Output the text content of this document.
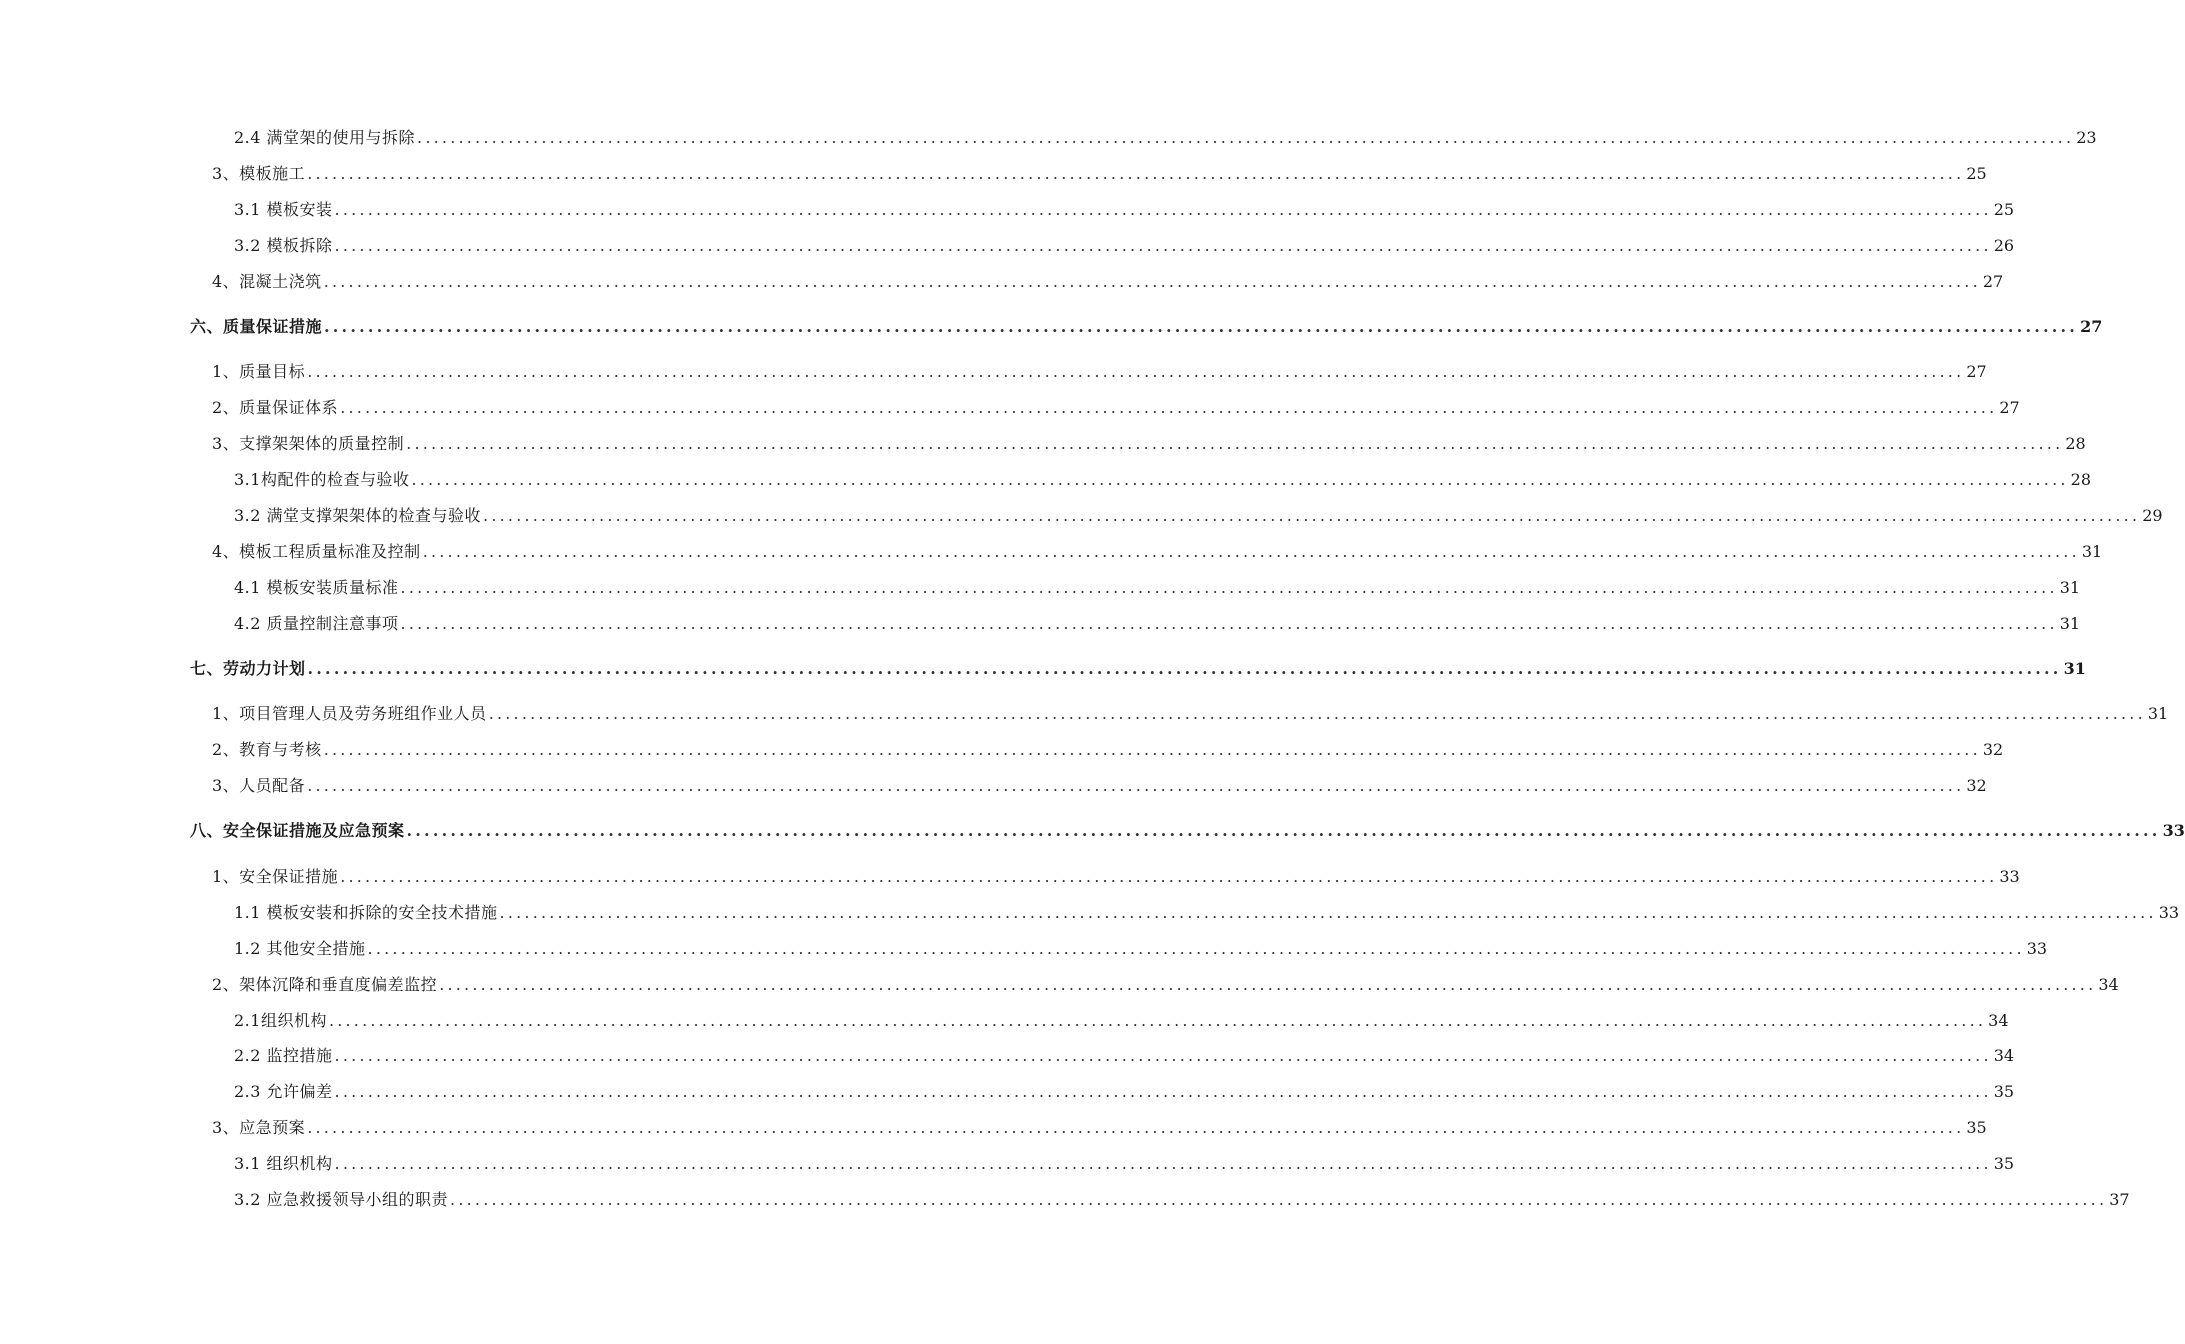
2.4 满堂架的使用与拆除 ........................................................................................................................................................................................................ 23
3、模板施工 ........................................................................................................................................................................................................ 25
3.1 模板安装 ........................................................................................................................................................................................................ 25
3.2 模板拆除 ........................................................................................................................................................................................................ 26
4、混凝土浇筑 ........................................................................................................................................................................................................ 27
六、质量保证措施 ........................................................................................................................................................................................................ 27
1、质量目标 ........................................................................................................................................................................................................ 27
2、质量保证体系 ........................................................................................................................................................................................................ 27
3、支撑架架体的质量控制 ........................................................................................................................................................................................................ 28
3.1构配件的检查与验收 ........................................................................................................................................................................................................ 28
3.2 满堂支撑架架体的检查与验收 ........................................................................................................................................................................................................ 29
4、模板工程质量标准及控制 ........................................................................................................................................................................................................ 31
4.1 模板安装质量标准 ........................................................................................................................................................................................................ 31
4.2 质量控制注意事项 ........................................................................................................................................................................................................ 31
七、劳动力计划 ........................................................................................................................................................................................................ 31
1、项目管理人员及劳务班组作业人员 ........................................................................................................................................................................................................ 31
2、教育与考核 ........................................................................................................................................................................................................ 32
3、人员配备 ........................................................................................................................................................................................................ 32
八、安全保证措施及应急预案 ........................................................................................................................................................................................................ 33
1、安全保证措施 ........................................................................................................................................................................................................ 33
1.1 模板安装和拆除的安全技术措施 ........................................................................................................................................................................................................ 33
1.2 其他安全措施 ........................................................................................................................................................................................................ 33
2、架体沉降和垂直度偏差监控 ........................................................................................................................................................................................................ 34
2.1组织机构 ........................................................................................................................................................................................................ 34
2.2 监控措施 ........................................................................................................................................................................................................ 34
2.3 允许偏差 ........................................................................................................................................................................................................ 35
3、应急预案 ........................................................................................................................................................................................................ 35
3.1 组织机构 ........................................................................................................................................................................................................ 35
3.2 应急救援领导小组的职责 ........................................................................................................................................................................................................ 37
